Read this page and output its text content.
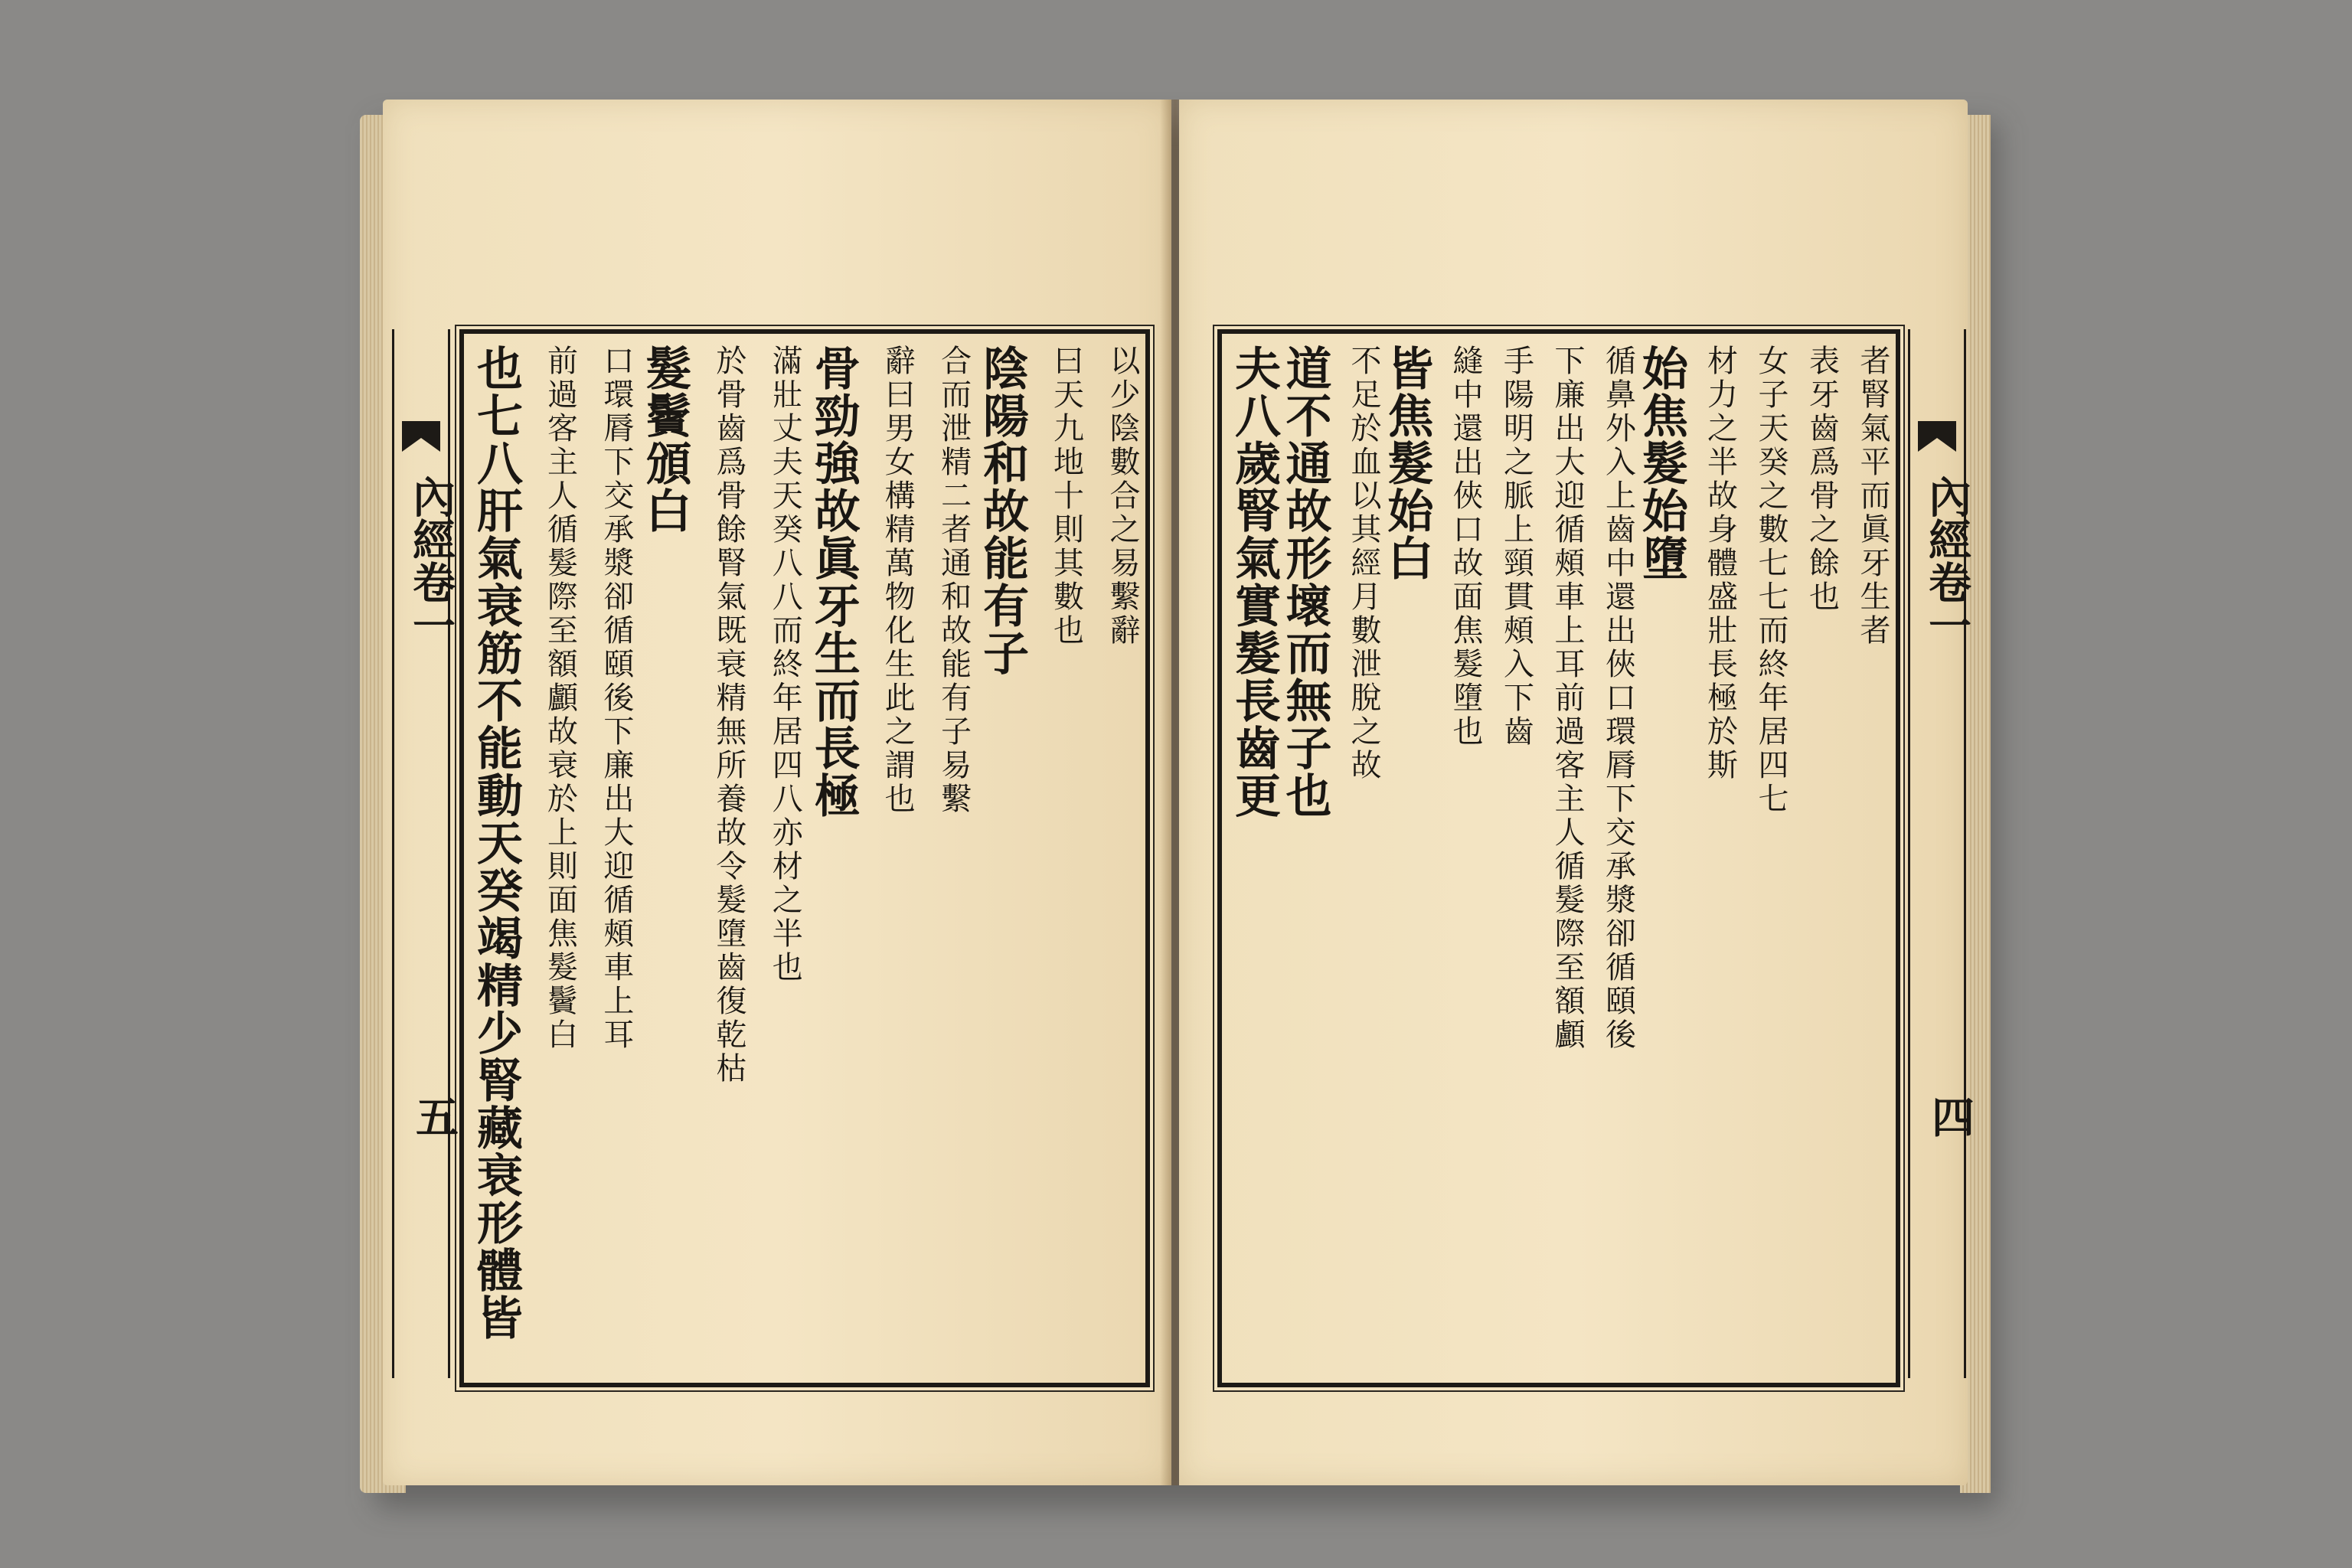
以少陰數合之易繫辭
曰天九地十則其數也
陰陽和故能有子
合而泄精二者通和故能有子易繫
辭曰男女構精萬物化生此之謂也
骨勁強故眞牙生而長極
滿壯丈夫天癸八八而終年居四八亦材之半也
於骨齒爲骨餘腎氣既衰精無所養故令髮墮齒復乾枯
髮鬢頒白
口環脣下交承漿卻循頤後下廉出大迎循頰車上耳
前過客主人循髮際至額顱故衰於上則面焦髮鬢白
也七八肝氣衰筋不能動天癸竭精少腎藏衰形體皆
內經卷一
五
者腎氣平而眞牙生者
表牙齒爲骨之餘也
女子天癸之數七七而終年居四七
材力之半故身體盛壯長極於斯
始焦髮始墮
循鼻外入上齒中還出俠口環脣下交承漿卻循頤後
下廉出大迎循頰車上耳前過客主人循髮際至額顱
手陽明之脈上頸貫頰入下齒
縫中還出俠口故面焦髮墮也
皆焦髮始白
不足於血以其經月數泄脫之故
道不通故形壞而無子也
夫八歲腎氣實髮長齒更	內經卷一
四
